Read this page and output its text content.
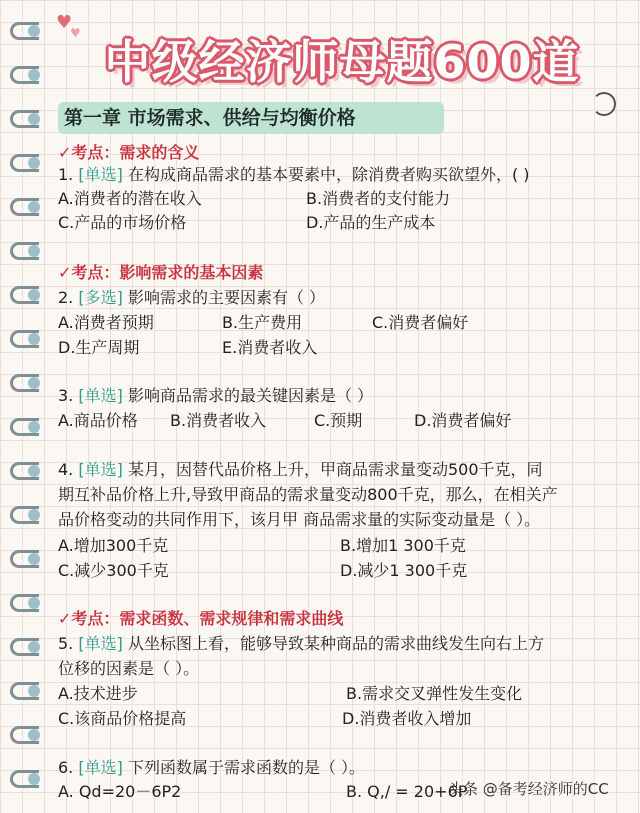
♥
♥
中级经济师母题600道
第一章 市场需求、供给与均衡价格
✓考点：需求的含义
1. [单选] 在构成商品需求的基本要素中，除消费者购买欲望外，( )
A.消费者的潜在收入	B.消费者的支付能力
C.产品的市场价格	D.产品的生产成本
✓考点：影响需求的基本因素
2. [多选] 影响需求的主要因素有（ ）
A.消费者预期	B.生产费用	C.消费者偏好
D.生产周期	E.消费者收入
3. [单选] 影响商品需求的最关键因素是（ ）
A.商品价格 B.消费者收入	C.预期	D.消费者偏好
4. [单选] 某月，因替代品价格上升，甲商品需求量变动500千克，同
期互补品价格上升,导致甲商品的需求量变动800千克，那么，在相关产
品价格变动的共同作用下，该月甲 商品需求量的实际变动量是（ ）。
A.增加300千克	B.增加1 300千克
C.减少300千克	D.减少1 300千克
✓考点：需求函数、需求规律和需求曲线
5. [单选] 从坐标图上看，能够导致某种商品的需求曲线发生向右上方
位移的因素是（ ）。
A.技术进步	B.需求交叉弹性发生变化
C.该商品价格提高	D.消费者收入增加
6. [单选] 下列函数属于需求函数的是（ ）。
A. Qd=20－6P2	B. Q,/ = 20+6P
头条 @备考经济师的CC
